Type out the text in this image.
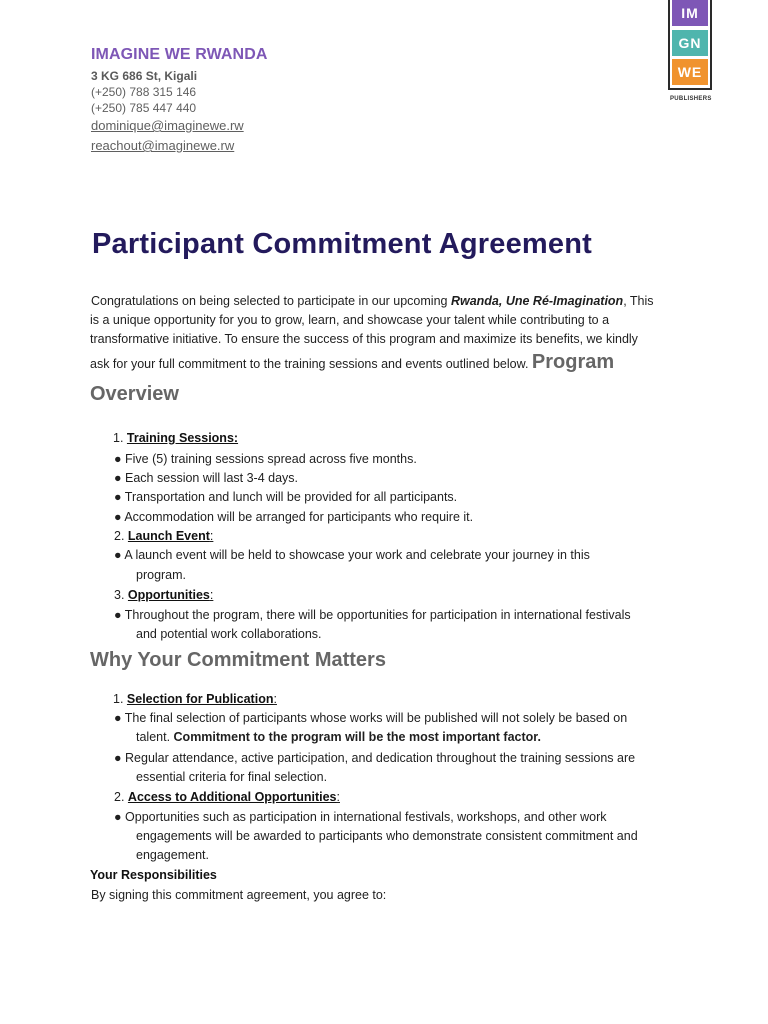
IMAGINE WE RWANDA
3 KG 686 St, Kigali
(+250) 788 315 146
(+250) 785 447 440
dominique@imaginewe.rw
reachout@imaginewe.rw
IM
GN
WE
PUBLISHERS
Participant Commitment Agreement
Congratulations on being selected to participate in our upcoming Rwanda, Une Ré-Imagination, This
is a unique opportunity for you to grow, learn, and showcase your talent while contributing to a
transformative initiative. To ensure the success of this program and maximize its benefits, we kindly
ask for your full commitment to the training sessions and events outlined below. Program
Overview
1. Training Sessions:
● Five (5) training sessions spread across five months.
● Each session will last 3-4 days.
● Transportation and lunch will be provided for all participants.
● Accommodation will be arranged for participants who require it.
2. Launch Event:
● A launch event will be held to showcase your work and celebrate your journey in this
program.
3. Opportunities:
● Throughout the program, there will be opportunities for participation in international festivals
and potential work collaborations.
Why Your Commitment Matters
1. Selection for Publication:
● The final selection of participants whose works will be published will not solely be based on
talent. Commitment to the program will be the most important factor.
● Regular attendance, active participation, and dedication throughout the training sessions are
essential criteria for final selection.
2. Access to Additional Opportunities:
● Opportunities such as participation in international festivals, workshops, and other work
engagements will be awarded to participants who demonstrate consistent commitment and
engagement.
Your Responsibilities
By signing this commitment agreement, you agree to:
